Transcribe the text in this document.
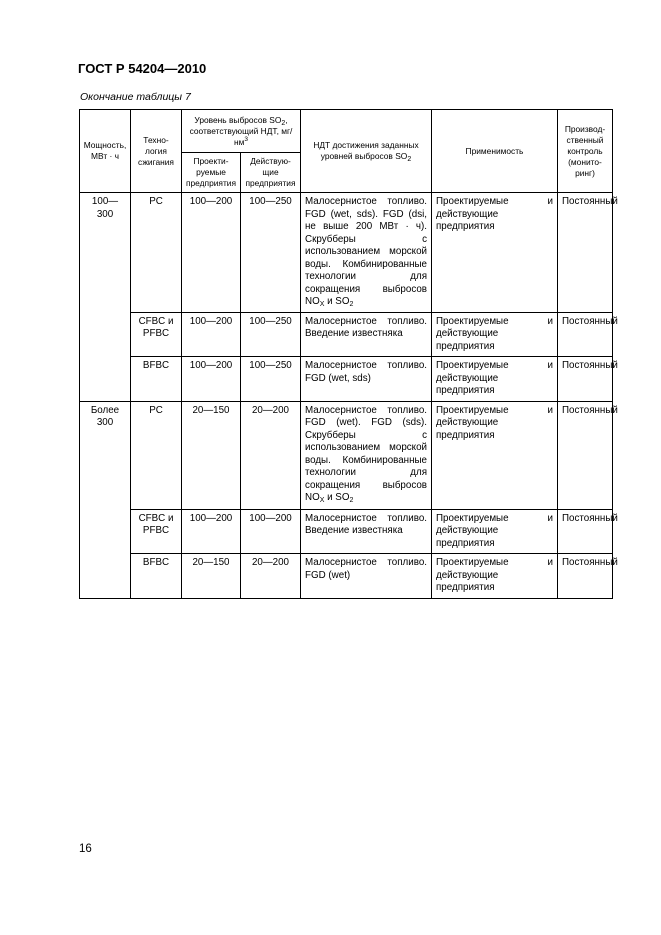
ГОСТ Р 54204—2010
Окончание таблицы 7
Мощность, МВт · ч	Техно-логия сжигания	Уровень выбросов $SO_2$, соответствующий НДТ, $мг/нм^3$		НДТ достижения заданных уровней выбросов $SO_2$	Применимость	Производ-ственный контроль (монито-ринг)
		Проекти-руемые предприятия	Действую-щие предприятия			
100—300	PC	100—200	100—250	Малосернистое топливо. FGD (wet, sds). FGD (dsi, не выше 200 МВт · ч). Скрубберы с использованием морской воды. Комбинированные технологии для сокращения выбросов $NO_X$ и $SO_2$	Проектируемые и действующие предприятия	Постоянный
	CFBC и PFBC	100—200	100—250	Малосернистое топливо. Введение известняка	Проектируемые и действующие предприятия	Постоянный
	BFBC	100—200	100—250	Малосернистое топливо. FGD (wet, sds)	Проектируемые и действующие предприятия	Постоянный
Более 300	PC	20—150	20—200	Малосернистое топливо. FGD (wet). FGD (sds). Скрубберы с использованием морской воды. Комбинированные технологии для сокращения выбросов $NO_X$ и $SO_2$	Проектируемые и действующие предприятия	Постоянный
	CFBC и PFBC	100—200	100—200	Малосернистое топливо. Введение известняка	Проектируемые и действующие предприятия	Постоянный
	BFBC	20—150	20—200	Малосернистое топливо. FGD (wet)	Проектируемые и действующие предприятия	Постоянный
16
